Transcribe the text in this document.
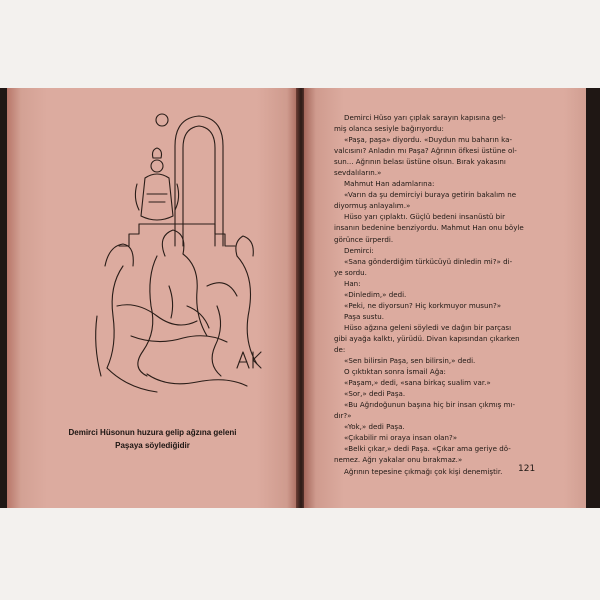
Demirci Hüsonun huzura gelip ağzına geleni
Paşaya söylediğidir
Demirci Hüso yarı çıplak sarayın kapısına gel-
miş olanca sesiyle bağırıyordu:
«Paşa, paşa» diyordu. «Duydun mu baharın ka-
valcısını? Anladın mı Paşa? Ağrının öfkesi üstüne ol-
sun... Ağrının belası üstüne olsun. Bırak yakasını
sevdalıların.»
Mahmut Han adamlarına:
«Varın da şu demirciyi buraya getirin bakalım ne
diyormuş anlayalım.»
Hüso yarı çıplaktı. Güçlü bedeni insanüstü bir
insanın bedenine benziyordu. Mahmut Han onu böyle
görünce ürperdi.
Demirci:
«Sana gönderdiğim türkücüyü dinledin mi?» di-
ye sordu.
Han:
«Dinledim,» dedi.
«Peki, ne diyorsun? Hiç korkmuyor musun?»
Paşa sustu.
Hüso ağzına geleni söyledi ve dağın bir parçası
gibi ayağa kalktı, yürüdü. Divan kapısından çıkarken
de:
«Sen bilirsin Paşa, sen bilirsin,» dedi.
O çıktıktan sonra İsmail Ağa:
«Paşam,» dedi, «sana birkaç sualim var.»
«Sor,» dedi Paşa.
«Bu Ağrıdoğunun başına hiç bir insan çıkmış mı-
dır?»
«Yok,» dedi Paşa.
«Çıkabilir mi oraya insan olan?»
«Belki çıkar,» dedi Paşa. «Çıkar ama geriye dö-
nemez. Ağrı yakalar onu bırakmaz.»
Ağrının tepesine çıkmağı çok kişi denemiştir.	121
